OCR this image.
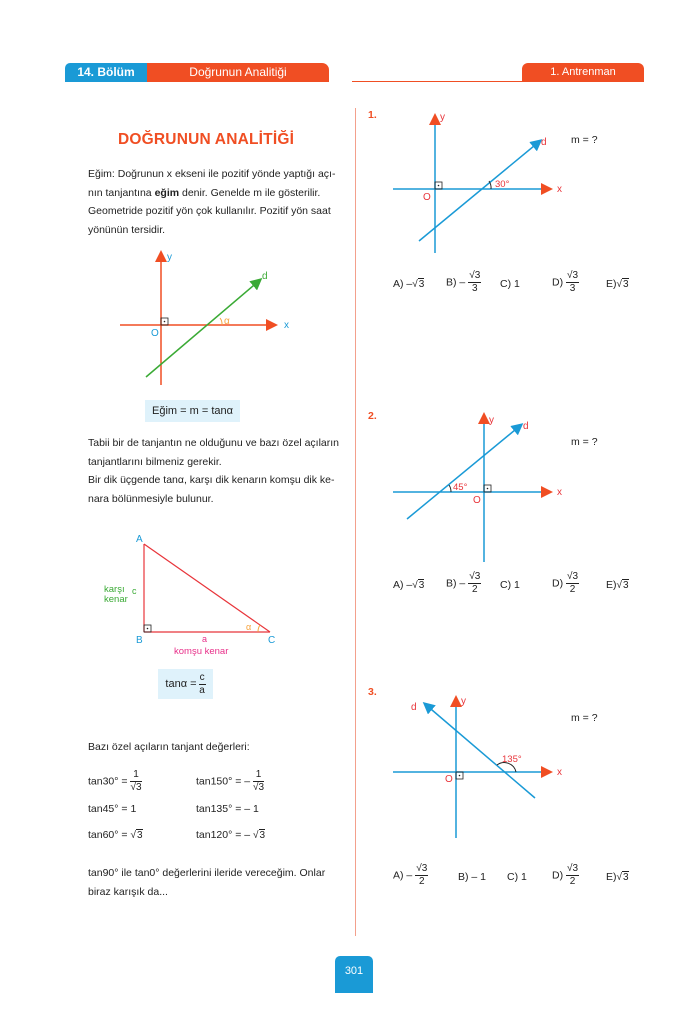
14. Bölüm	Doğrunun Analitiği	1. Antrenman
DOĞRUNUN ANALİTİĞİ
Eğim: Doğrunun x ekseni ile pozitif yönde yaptığı açı-
nın tanjantına eğim denir. Genelde m ile gösterilir.
Geometride pozitif yön çok kullanılır. Pozitif yön saat
yönünün tersidir.
y
x
d
O
α
Eğim = m = tanα
Tabii bir de tanjantın ne olduğunu ve bazı özel açıların
tanjantlarını bilmeniz gerekir.
Bir dik üçgende tanα, karşı dik kenarın komşu dik ke-
nara bölünmesiyle bulunur.
A
B	C
c
a
α
karşı
kenar
komşu kenar
$\tan\alpha = \frac{c}{a}$
Bazı özel açıların tanjant değerleri:
$\tan 30^\circ = \frac{1}{√3}$	tan150° = – $\frac{1}{√3}$
tan45° = 1	tan135° = – 1
tan60° = √3	tan120° = – √3
tan90° ile tan0° değerlerini ileride vereceğim. Onlar
biraz karışık da...
1.
30°
y
x
d
O
m = ?
A) –√3 $B) - \frac{√3}{3} C$) 1	$D) \frac{√3}{3}$	E)√3
2.
45°
y
x
d
O
m = ?
A) –√3 $B) - \frac{√3}{2} C$) 1	$D) \frac{√3}{2}$	E)√3
3.
135°
y
x
d
O
m = ?
$A) - \frac{√3}{2}$	B) – 1 C) 1 $D) \frac{√3}{2}$	E)√3
301
